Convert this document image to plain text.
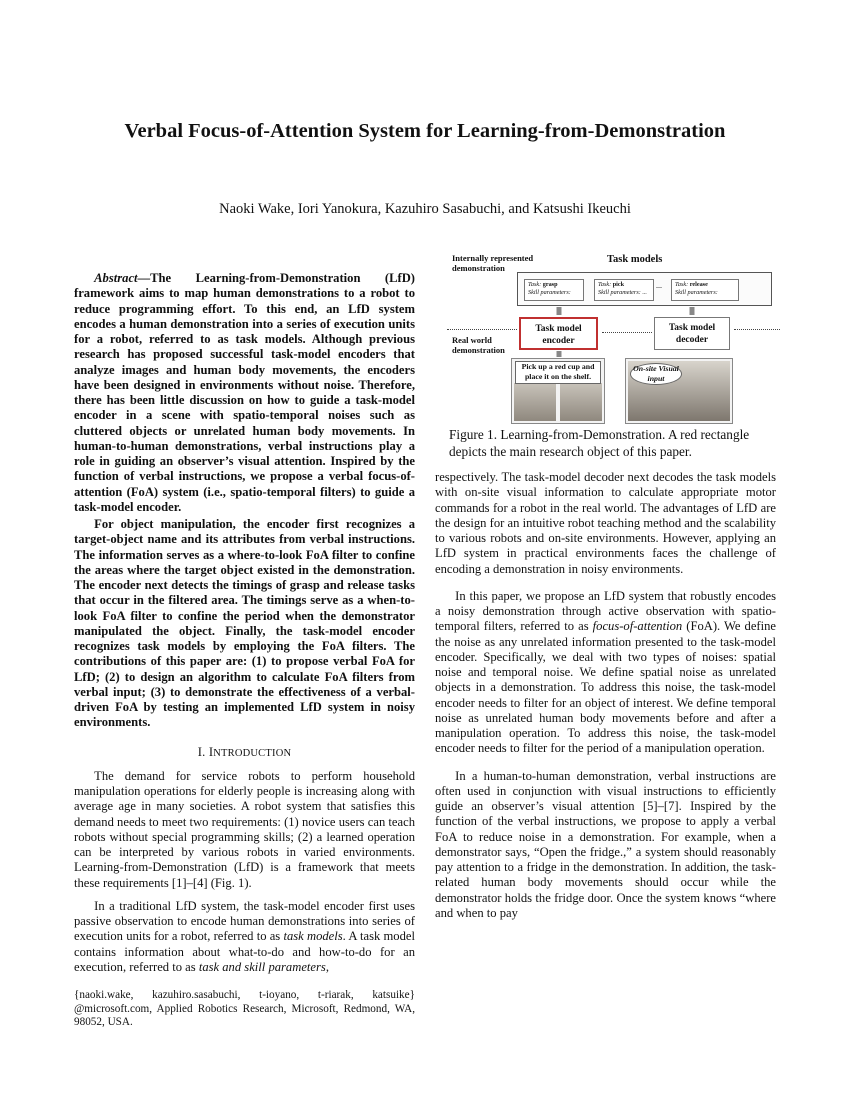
Verbal Focus-of-Attention System for Learning-from-Demonstration
Naoki Wake, Iori Yanokura, Kazuhiro Sasabuchi, and Katsushi Ikeuchi

Abstract—The Learning-from-Demonstration (LfD) framework aims to map human demonstrations to a robot to reduce programming effort. To this end, an LfD system encodes a human demonstration into a series of execution units for a robot, referred to as task models. Although previous research has proposed successful task-model encoders that analyze images and human body movements, the encoders have been designed in environments without noise. Therefore, there has been little discussion on how to guide a task-model encoder in a scene with spatio-temporal noises such as cluttered objects or unrelated human body movements. In human-to-human demonstrations, verbal instructions play a role in guiding an observer’s visual attention. Inspired by the function of verbal instructions, we propose a verbal focus-of-attention (FoA) system (i.e., spatio-temporal filters) to guide a task-model encoder.

For object manipulation, the encoder first recognizes a target-object name and its attributes from verbal instructions. The information serves as a where-to-look FoA filter to confine the areas where the target object existed in the demonstration. The encoder next detects the timings of grasp and release tasks that occur in the filtered area. The timings serve as a when-to-look FoA filter to confine the period when the demonstrator manipulated the object. Finally, the task-model encoder recognizes task models by employing the FoA filters. The contributions of this paper are: (1) to propose verbal FoA for LfD; (2) to design an algorithm to calculate FoA filters from verbal input; (3) to demonstrate the effectiveness of a verbal-driven FoA by testing an implemented LfD system in noisy environments.

I. INTRODUCTION

The demand for service robots to perform household manipulation operations for elderly people is increasing along with average age in many societies. A robot system that satisfies this demand needs to meet two requirements: (1) novice users can teach robots without special programming skills; (2) a learned operation can be interpreted by various robots in varied environments. Learning-from-Demonstration (LfD) is a framework that meets these requirements [1]–[4] (Fig. 1).

In a traditional LfD system, the task-model encoder first uses passive observation to encode human demonstrations into series of execution units for a robot, referred to as task models. A task model contains information about what-to-do and how-to-do for an execution, referred to as task and skill parameters,

{naoki.wake, kazuhiro.sasabuchi, t-ioyano, t-riarak, katsuike} @microsoft.com, Applied Robotics Research, Microsoft, Redmond, WA, 98052, USA.
Internally represented demonstration
Task models
Task: grasp
Skill parameters:
Task: pick
Skill parameters: ...
...	Task: release
Skill parameters:
Real world demonstration
Task model encoder
Task model decoder
Pick up a red cup and place it on the shelf.
On-site Visual input
Figure 1. Learning-from-Demonstration. A red rectangle depicts the main research object of this paper.

respectively. The task-model decoder next decodes the task models with on-site visual information to calculate appropriate motor commands for a robot in the real world. The advantages of LfD are the design for an intuitive robot teaching method and the scalability to various robots and on-site environments. However, applying an LfD system in practical environments faces the challenge of encoding a demonstration in noisy environments.

In this paper, we propose an LfD system that robustly encodes a noisy demonstration through active observation with spatio-temporal filters, referred to as focus-of-attention (FoA). We define the noise as any unrelated information presented to the task-model encoder. Specifically, we deal with two types of noises: spatial noise and temporal noise. We define spatial noise as unrelated objects in a demonstration. To address this noise, the task-model encoder needs to filter for an object of interest. We define temporal noise as unrelated human body movements before and after a manipulation operation. To address this noise, the task-model encoder needs to filter for the period of a manipulation operation.

In a human-to-human demonstration, verbal instructions are often used in conjunction with visual instructions to efficiently guide an observer’s visual attention [5]–[7]. Inspired by the function of the verbal instructions, we propose to apply a verbal FoA to reduce noise in a demonstration. For example, when a demonstrator says, “Open the fridge.,” a system should reasonably pay attention to a fridge in the demonstration. In addition, the task-related human body movements should occur while the demonstrator holds the fridge door. Once the system knows “where and when to pay
